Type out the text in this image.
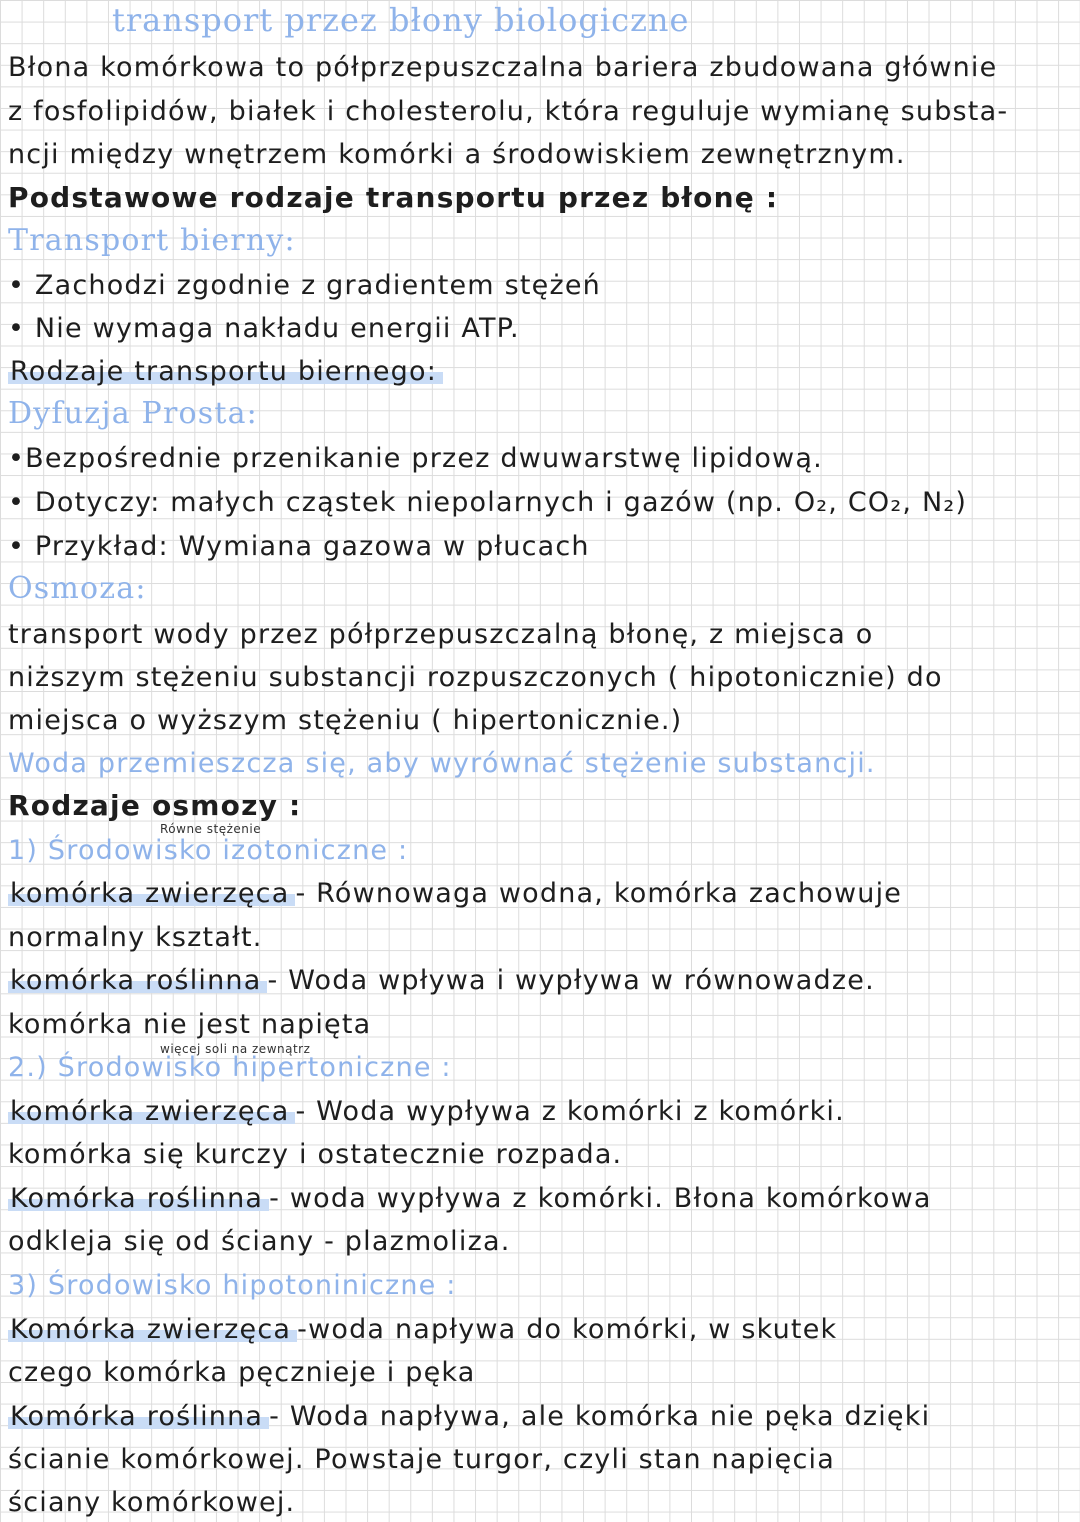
transport przez błony biologiczne
Błona komórkowa to półprzepuszczalna bariera zbudowana głównie
z fosfolipidów, białek i cholesterolu, która reguluje wymianę substa-
ncji między wnętrzem komórki a środowiskiem zewnętrznym.
Podstawowe rodzaje transportu przez błonę :
Transport bierny:
• Zachodzi zgodnie z gradientem stężeń
• Nie wymaga nakładu energii ATP.
Rodzaje transportu biernego:
Dyfuzja Prosta:
•Bezpośrednie przenikanie przez dwuwarstwę lipidową.
• Dotyczy: małych cząstek niepolarnych i gazów (np. O₂, CO₂, N₂)
• Przykład: Wymiana gazowa w płucach
Osmoza:
transport wody przez półprzepuszczalną błonę, z miejsca o
niższym stężeniu substancji rozpuszczonych ( hipotonicznie) do
miejsca o wyższym stężeniu ( hipertonicznie.)
Woda przemieszcza się, aby wyrównać stężenie substancji.
Rodzaje osmozy :
Równe stężenie
1) Środowisko izotoniczne :
komórka zwierzęca - Równowaga wodna, komórka zachowuje
normalny kształt.
komórka roślinna - Woda wpływa i wypływa w równowadze.
komórka nie jest napięta
więcej soli na zewnątrz
2.) Środowisko hipertoniczne :
komórka zwierzęca - Woda wypływa z komórki z komórki.
komórka się kurczy i ostatecznie rozpada.
Komórka roślinna - woda wypływa z komórki. Błona komórkowa
odkleja się od ściany - plazmoliza.
3) Środowisko hipotoniniczne :
Komórka zwierzęca -woda napływa do komórki, w skutek
czego komórka pęcznieje i pęka
Komórka roślinna - Woda napływa, ale komórka nie pęka dzięki
ścianie komórkowej. Powstaje turgor, czyli stan napięcia
ściany komórkowej.
